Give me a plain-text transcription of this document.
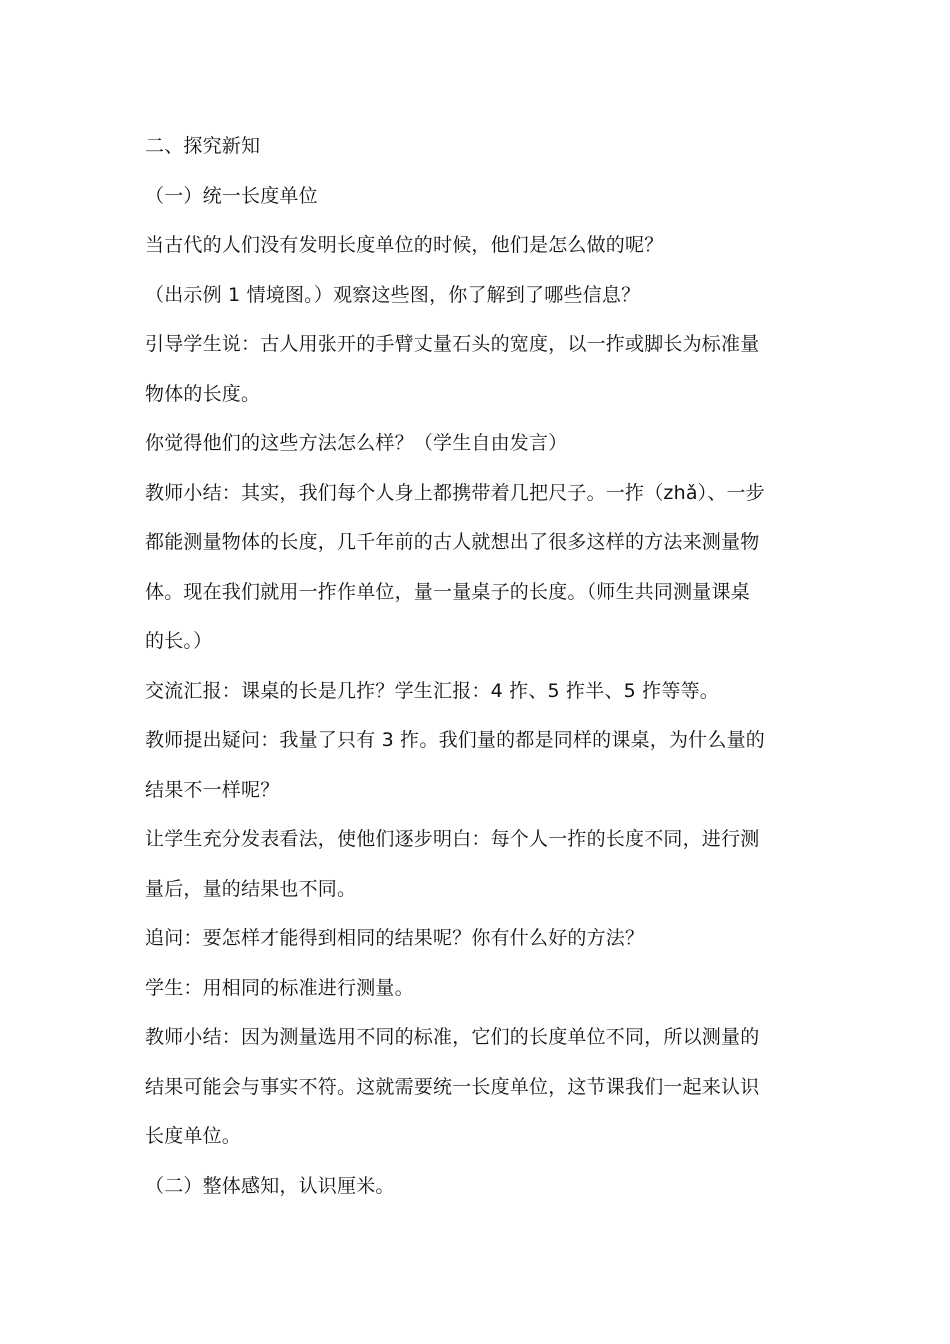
二、探究新知
（一）统一长度单位
当古代的人们没有发明长度单位的时候，他们是怎么做的呢？
（出示例 1 情境图。）观察这些图，你了解到了哪些信息？
引导学生说：古人用张开的手臂丈量石头的宽度，以一拃或脚长为标准量
物体的长度。
你觉得他们的这些方法怎么样？（学生自由发言）
教师小结：其实，我们每个人身上都携带着几把尺子。一拃（zhǎ）、一步
都能测量物体的长度，几千年前的古人就想出了很多这样的方法来测量物
体。现在我们就用一拃作单位，量一量桌子的长度。（师生共同测量课桌
的长。）
交流汇报：课桌的长是几拃？学生汇报：4 拃、5 拃半、5 拃等等。
教师提出疑问：我量了只有 3 拃。我们量的都是同样的课桌，为什么量的
结果不一样呢？
让学生充分发表看法，使他们逐步明白：每个人一拃的长度不同，进行测
量后，量的结果也不同。
追问：要怎样才能得到相同的结果呢？你有什么好的方法？
学生：用相同的标准进行测量。
教师小结：因为测量选用不同的标准，它们的长度单位不同，所以测量的
结果可能会与事实不符。这就需要统一长度单位，这节课我们一起来认识
长度单位。
（二）整体感知，认识厘米。
